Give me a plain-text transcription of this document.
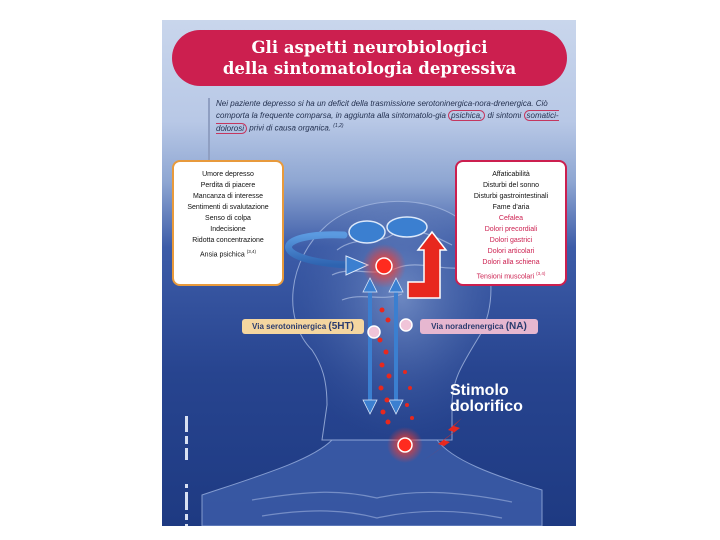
Gli aspetti neurobiologici
della sintomatologia depressiva
Nei paziente depresso si ha un deficit della trasmissione serotoninergica-nora-drenergica. Ciò comporta la frequente comparsa, in aggiunta alla sintomatolo-gia psichica, di sintomi somatici-dolorosi privi di causa organica. $^{(1,2)}$
Umore depresso
Perdita di piacere
Mancanza di interesse
Sentimenti di svalutazione
Senso di colpa
Indecisione
Ridotta concentrazione
Ansia psichica $^{(3,4)}$
Affaticabilità
Disturbi del sonno
Disturbi gastrointestinali
Fame d'aria
Cefalea
Dolori precordiali
Dolori gastrici
Dolori articolari
Dolori alla schiena
Tensioni muscolari $^{(3,4)}$
Via serotoninergica (5HT)	Via noradrenergica (NA)
Stimolo
dolorifico
